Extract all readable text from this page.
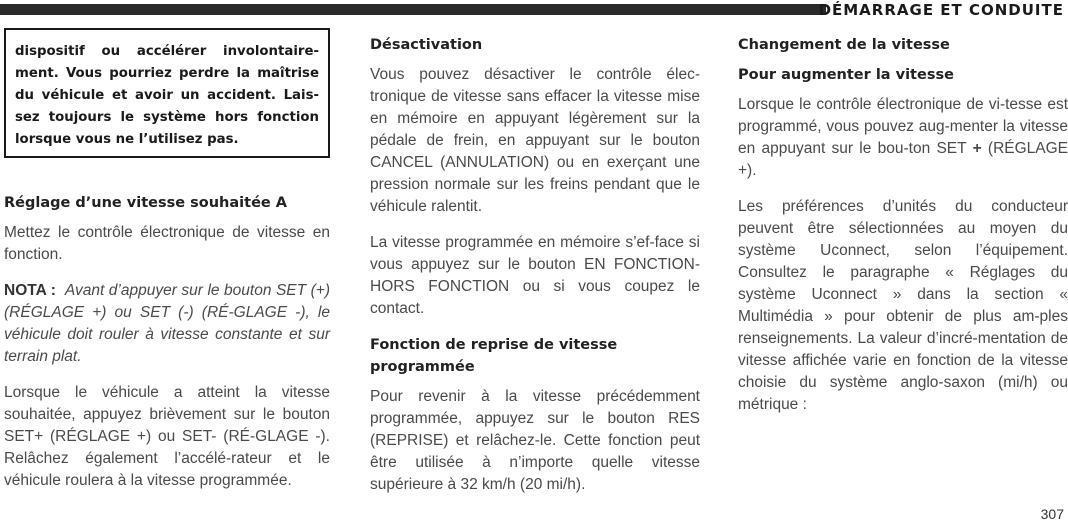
DÉMARRAGE ET CONDUITE
dispositif ou accélérer involontaire-ment. Vous pourriez perdre la maîtrise du véhicule et avoir un accident. Lais-sez toujours le système hors fonction lorsque vous ne l’utilisez pas.
Réglage d’une vitesse souhaitée A

Mettez le contrôle électronique de vitesse en fonction.

NOTA : Avant d’appuyer sur le bouton SET (+) (RÉGLAGE +) ou SET (-) (RÉ-GLAGE -), le véhicule doit rouler à vitesse constante et sur terrain plat.

Lorsque le véhicule a atteint la vitesse souhaitée, appuyez brièvement sur le bouton SET+ (RÉGLAGE +) ou SET- (RÉ-GLAGE -). Relâchez également l’accélé-rateur et le véhicule roulera à la vitesse programmée.

Désactivation

Vous pouvez désactiver le contrôle élec-tronique de vitesse sans effacer la vitesse mise en mémoire en appuyant légèrement sur la pédale de frein, en appuyant sur le bouton CANCEL (ANNULATION) ou en exerçant une pression normale sur les freins pendant que le véhicule ralentit.

La vitesse programmée en mémoire s’ef-face si vous appuyez sur le bouton EN FONCTION-HORS FONCTION ou si vous coupez le contact.

Fonction de reprise de vitesse programmée

Pour revenir à la vitesse précédemment programmée, appuyez sur le bouton RES (REPRISE) et relâchez-le. Cette fonction peut être utilisée à n’importe quelle vitesse supérieure à 32 km/h (20 mi/h).

Changement de la vitesse
Pour augmenter la vitesse

Lorsque le contrôle électronique de vi-tesse est programmé, vous pouvez aug-menter la vitesse en appuyant sur le bou-ton SET + (RÉGLAGE +).

Les préférences d’unités du conducteur peuvent être sélectionnées au moyen du système Uconnect, selon l’équipement. Consultez le paragraphe « Réglages du système Uconnect » dans la section « Multimédia » pour obtenir de plus am-ples renseignements. La valeur d’incré-mentation de vitesse affichée varie en fonction de la vitesse choisie du système anglo-saxon (mi/h) ou métrique :

307
